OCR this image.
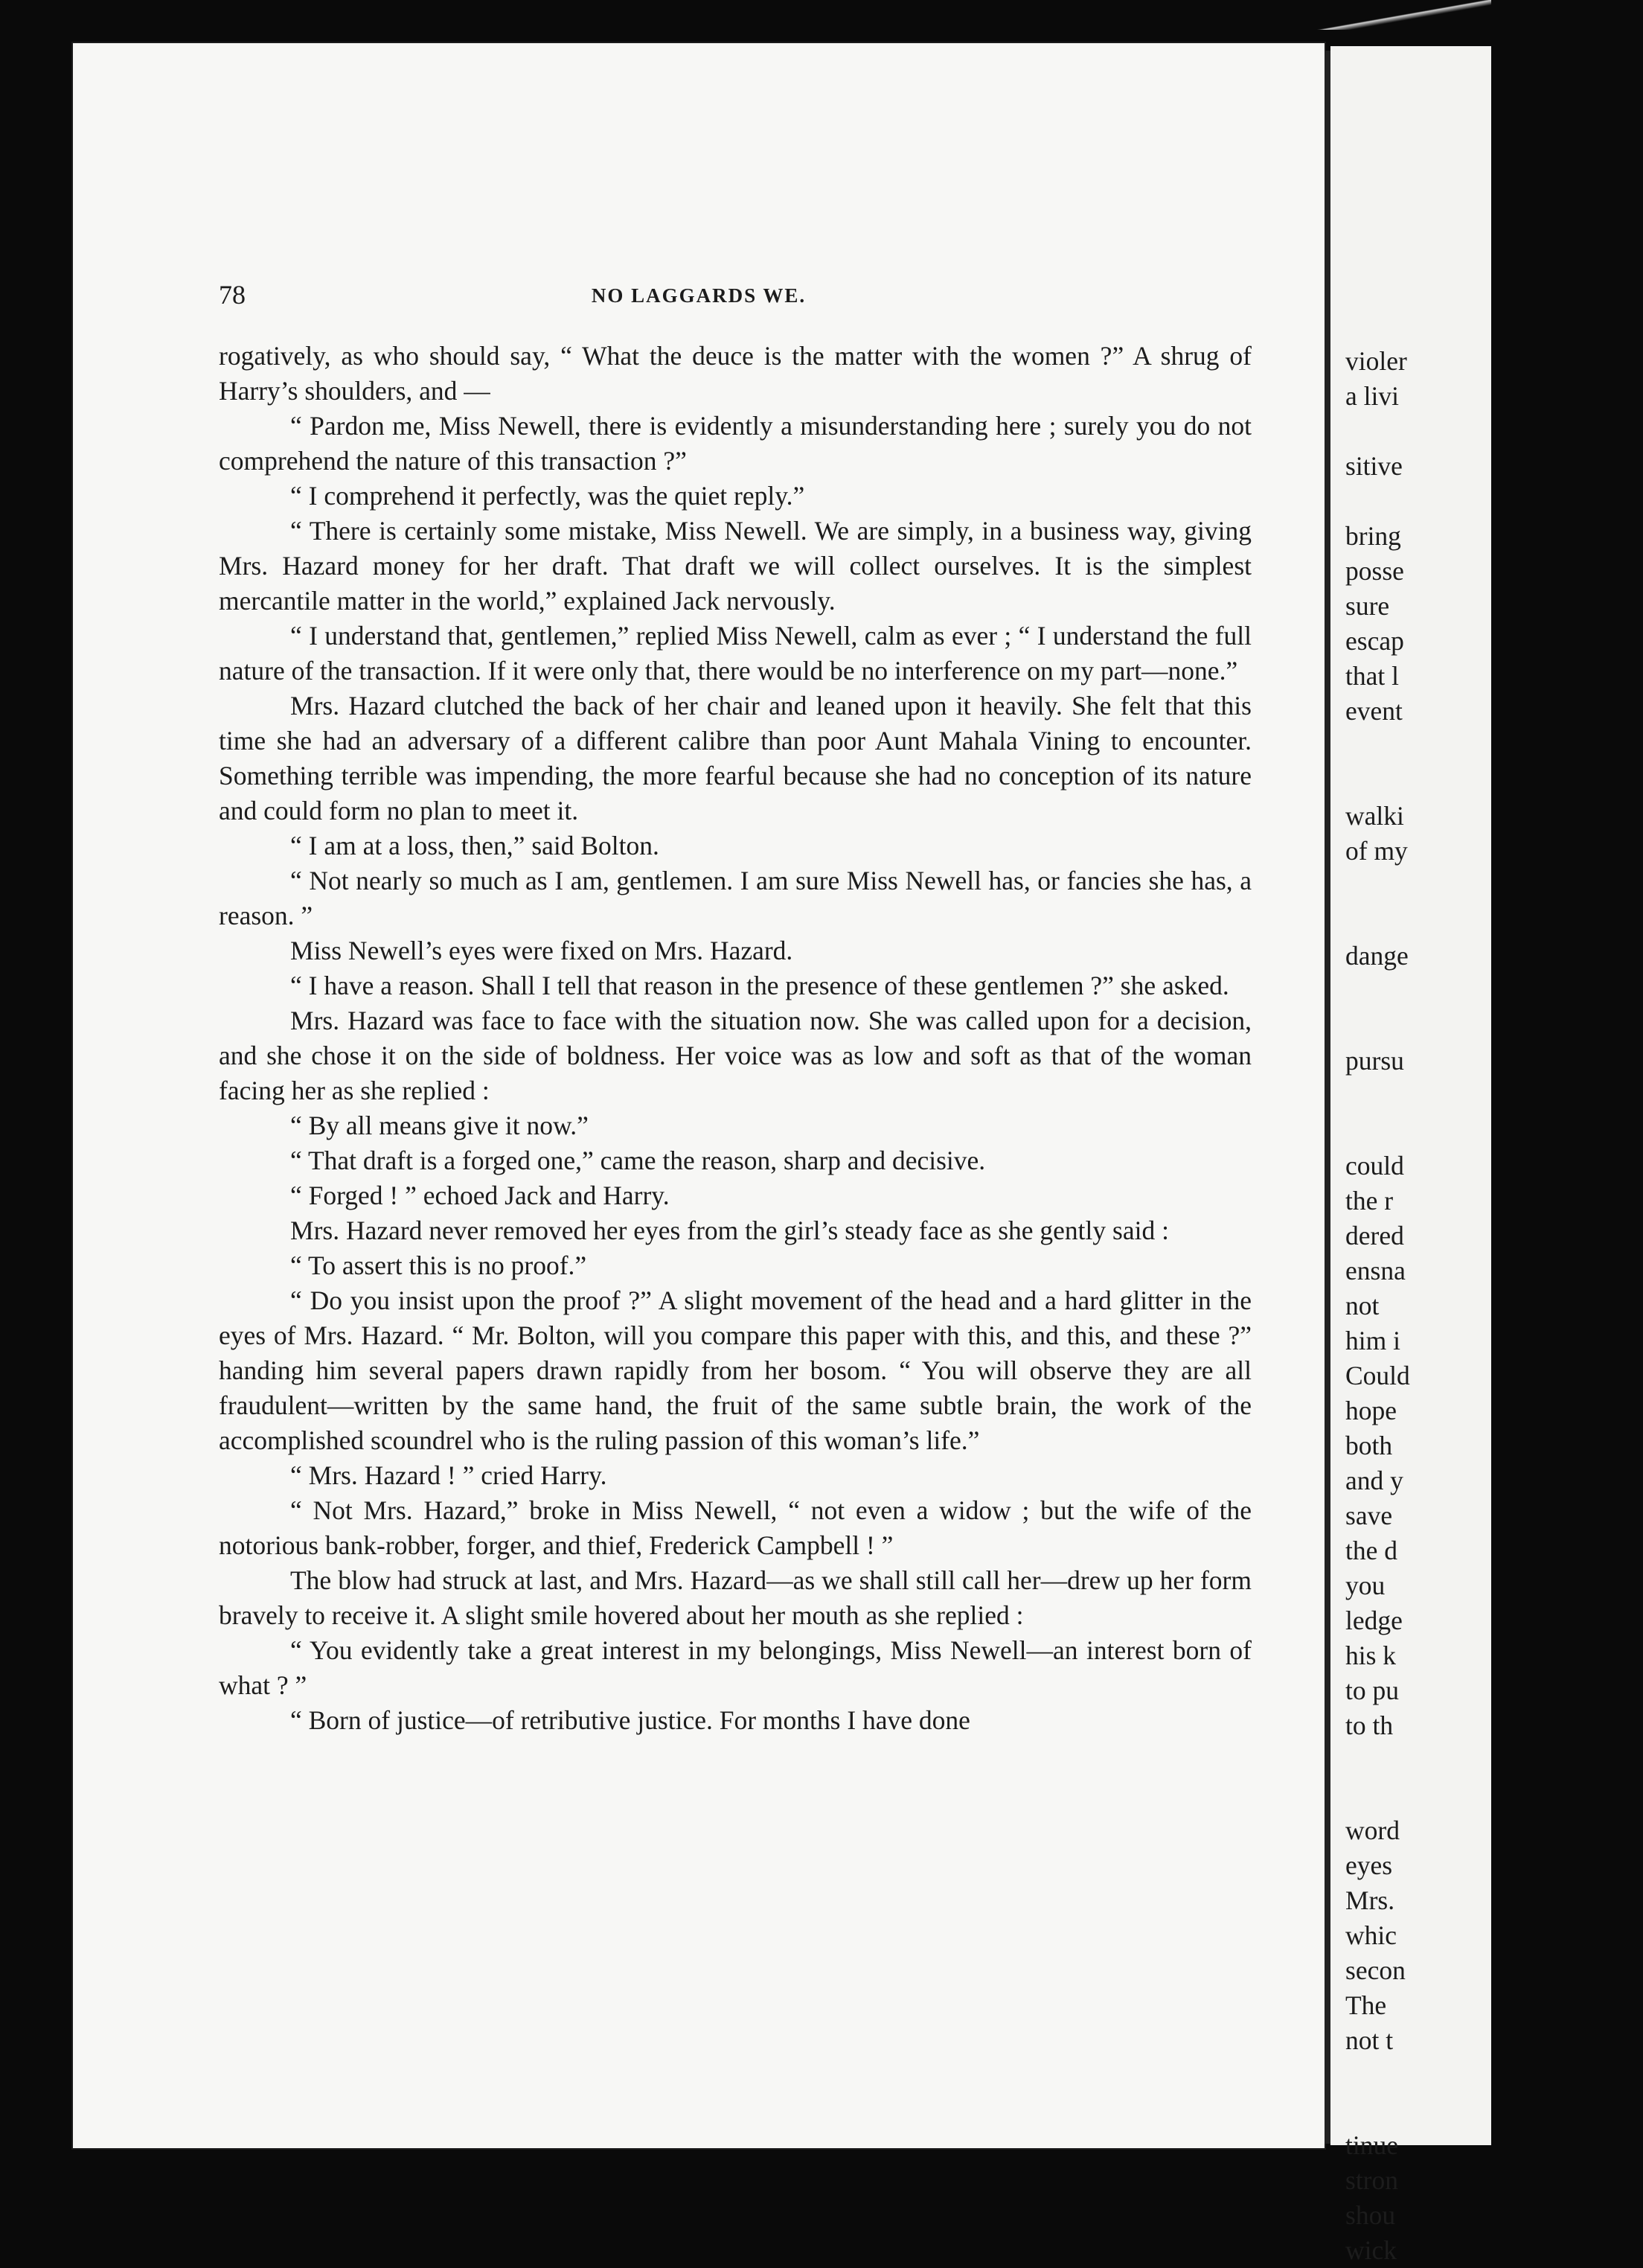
78	NO LAGGARDS WE.

rogatively, as who should say, “ What the deuce is the matter with the women ?” A shrug of Harry’s shoulders, and —

“ Pardon me, Miss Newell, there is evidently a misunderstanding here ; surely you do not comprehend the nature of this transaction ?”

“ I comprehend it perfectly, was the quiet reply.”

“ There is certainly some mistake, Miss Newell. We are simply, in a business way, giving Mrs. Hazard money for her draft. That draft we will collect ourselves. It is the simplest mercantile matter in the world,” explained Jack nervously.

“ I understand that, gentlemen,” replied Miss Newell, calm as ever ; “ I understand the full nature of the transaction. If it were only that, there would be no interference on my part—none.”

Mrs. Hazard clutched the back of her chair and leaned upon it heavily. She felt that this time she had an adversary of a different calibre than poor Aunt Mahala Vining to encounter. Something terrible was impending, the more fearful because she had no conception of its nature and could form no plan to meet it.

“ I am at a loss, then,” said Bolton.

“ Not nearly so much as I am, gentlemen. I am sure Miss Newell has, or fancies she has, a reason. ”

Miss Newell’s eyes were fixed on Mrs. Hazard.

“ I have a reason. Shall I tell that reason in the presence of these gentlemen ?” she asked.

Mrs. Hazard was face to face with the situation now. She was called upon for a decision, and she chose it on the side of boldness. Her voice was as low and soft as that of the woman facing her as she replied :

“ By all means give it now.”

“ That draft is a forged one,” came the reason, sharp and decisive.

“ Forged ! ” echoed Jack and Harry.

Mrs. Hazard never removed her eyes from the girl’s steady face as she gently said :

“ To assert this is no proof.”

“ Do you insist upon the proof ?” A slight movement of the head and a hard glitter in the eyes of Mrs. Hazard. “ Mr. Bolton, will you compare this paper with this, and this, and these ?” handing him several papers drawn rapidly from her bosom. “ You will observe they are all fraudulent—written by the same hand, the fruit of the same subtle brain, the work of the accomplished scoundrel who is the ruling passion of this woman’s life.”

“ Mrs. Hazard ! ” cried Harry.

“ Not Mrs. Hazard,” broke in Miss Newell, “ not even a widow ; but the wife of the notorious bank-robber, forger, and thief, Frederick Campbell ! ”

The blow had struck at last, and Mrs. Hazard—as we shall still call her—drew up her form bravely to receive it. A slight smile hovered about her mouth as she replied :

“ You evidently take a great interest in my belongings, Miss Newell—an interest born of what ? ”

“ Born of justice—of retributive justice. For months I have done

violer
a livi
sitive
bring
posse
sure
escap
that l
event
walki
of my
dange
pursu
could
the r
dered
ensna
not
him i
Could
hope
both
and y
save
the d
you
ledge
his k
to pu
to th
word
eyes
Mrs.
whic
secon
The
not t
tinue
stron
shou
wick
